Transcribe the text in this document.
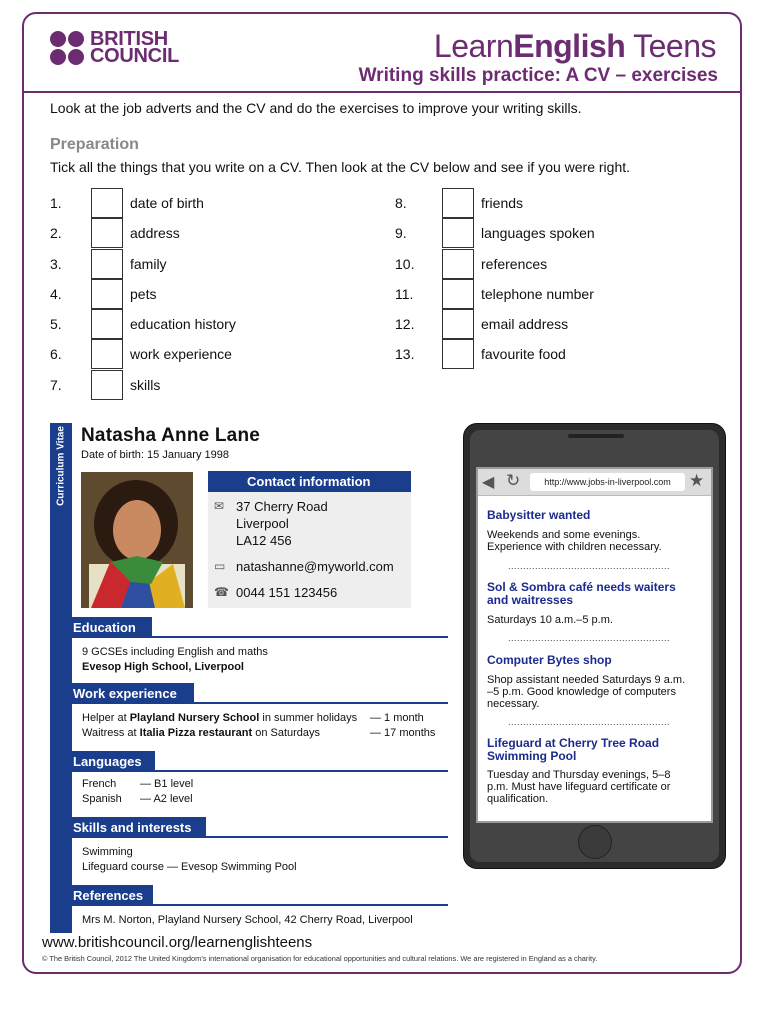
BRITISH
COUNCIL	LearnEnglish Teens
Writing skills practice: A CV – exercises
Look at the job adverts and the CV and do the exercises to improve your writing skills.
Preparation
Tick all the things that you write on a CV. Then look at the CV below and see if you were right.
1.	date of birth
2.	address
3.	family
4.	pets
5.	education history
6.	work experience
7.	skills
8.	friends
9.	languages spoken
10.	references
11.	telephone number
12.	email address
13.	favourite food
Curriculum Vitae Natasha Anne Lane
Date of birth: 15 January 1998
Contact information
✉ 37 Cherry Road
Liverpool
LA12 456
▭ natashanne@myworld.com
☎ 0044 151 123456
Education
9 GCSEs including English and maths
Evesop High School, Liverpool
Work experience
Helper at Playland Nursery School in summer holidays — 1 month
Waitress at Italia Pizza restaurant on Saturdays	— 17 months
Languages
French — B1 level
Spanish — A2 level
Skills and interests
Swimming
Lifeguard course — Evesop Swimming Pool
References
Mrs M. Norton, Playland Nursery School, 42 Cherry Road, Liverpool
◀ ↻	http://www.jobs-in-liverpool.com	★
Babysitter wanted
Weekends and some evenings.
Experience with children necessary.
......................................................
Sol & Sombra café needs waiters
and waitresses
Saturdays 10 a.m.–5 p.m.
......................................................
Computer Bytes shop
Shop assistant needed Saturdays 9 a.m.
–5 p.m. Good knowledge of computers
necessary.
......................................................
Lifeguard at Cherry Tree Road
Swimming Pool
Tuesday and Thursday evenings, 5–8
p.m. Must have lifeguard certificate or
qualification.
www.britishcouncil.org/learnenglishteens
© The British Council, 2012 The United Kingdom’s international organisation for educational opportunities and cultural relations. We are registered in England as a charity.
